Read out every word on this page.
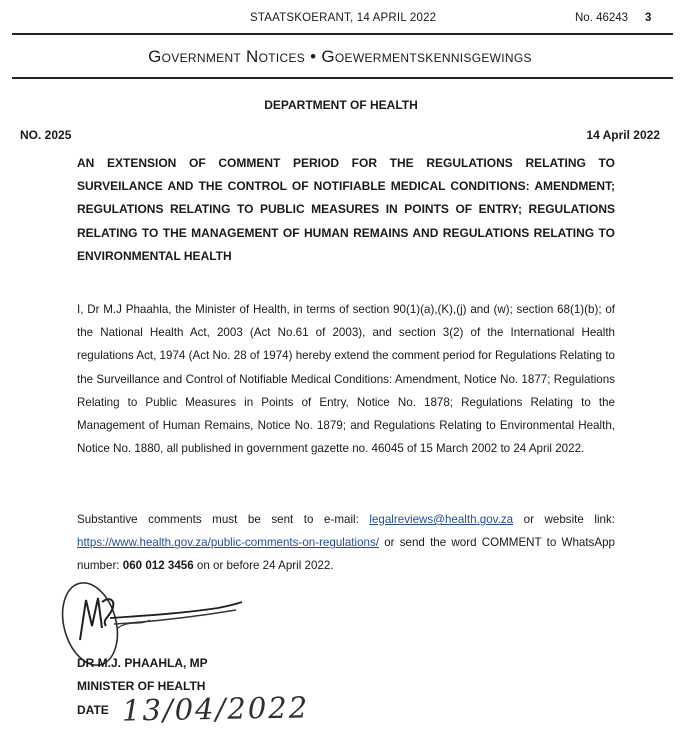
STAATSKOERANT, 14 APRIL 2022	No. 46243 3
Government Notices • Goewermentskennisgewings
DEPARTMENT OF HEALTH
NO. 2025	14 April 2022

AN EXTENSION OF COMMENT PERIOD FOR THE REGULATIONS RELATING TO SURVEILANCE AND THE CONTROL OF NOTIFIABLE MEDICAL CONDITIONS: AMENDMENT; REGULATIONS RELATING TO PUBLIC MEASURES IN POINTS OF ENTRY; REGULATIONS RELATING TO THE MANAGEMENT OF HUMAN REMAINS AND REGULATIONS RELATING TO ENVIRONMENTAL HEALTH

I, Dr M.J Phaahla, the Minister of Health, in terms of section 90(1)(a),(K),(j) and (w); section 68(1)(b); of the National Health Act, 2003 (Act No.61 of 2003), and section 3(2) of the International Health regulations Act, 1974 (Act No. 28 of 1974) hereby extend the comment period for Regulations Relating to the Surveillance and Control of Notifiable Medical Conditions: Amendment, Notice No. 1877; Regulations Relating to Public Measures in Points of Entry, Notice No. 1878; Regulations Relating to the Management of Human Remains, Notice No. 1879; and Regulations Relating to Environmental Health, Notice No. 1880, all published in government gazette no. 46045 of 15 March 2002 to 24 April 2022.

Substantive comments must be sent to e-mail: legalreviews@health.gov.za or website link: https://www.health.gov.za/public-comments-on-regulations/ or send the word COMMENT to WhatsApp number: 060 012 3456 on or before 24 April 2022.

DR M.J. PHAAHLA, MP
MINISTER OF HEALTH
DATE 13/04/2022
